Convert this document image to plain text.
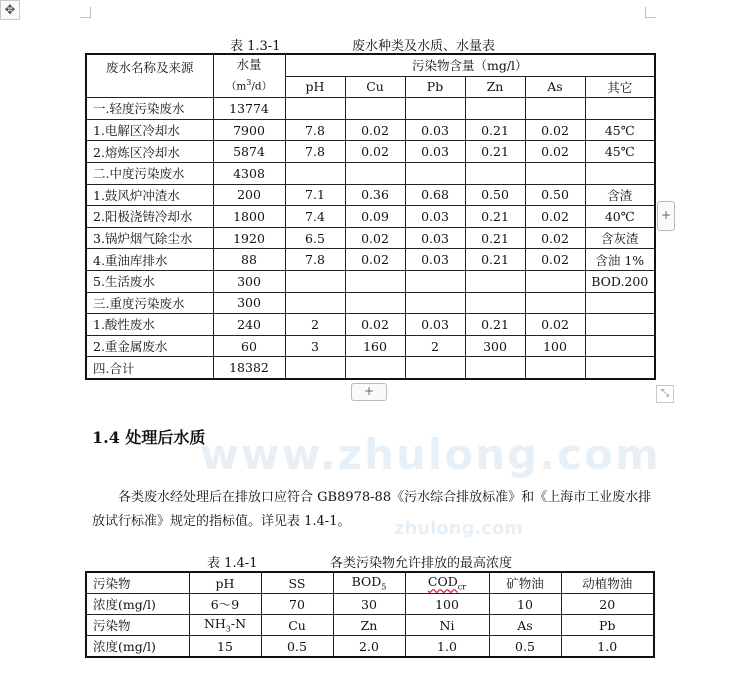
✥
表 1.3-1	废水种类及水质、水量表
废水名称及来源	水量
$(m^3/d)$	污染物含量（mg/l）					
		pH	Cu	Pb	Zn	As	其它
一.轻度污染废水	13774						
1.电解区冷却水	7900	7.8	0.02	0.03	0.21	0.02	45℃
2.熔炼区冷却水	5874	7.8	0.02	0.03	0.21	0.02	45℃
二.中度污染废水	4308						
1.鼓风炉冲渣水	200	7.1	0.36	0.68	0.50	0.50	含渣
2.阳极浇铸冷却水	1800	7.4	0.09	0.03	0.21	0.02	40℃
3.锅炉烟气除尘水	1920	6.5	0.02	0.03	0.21	0.02	含灰渣
4.重油库排水	88	7.8	0.02	0.03	0.21	0.02	含油 1%
5.生活废水	300						BOD.200
三.重度污染废水	300						
1.酸性废水	240	2	0.02	0.03	0.21	0.02	
2.重金属废水	60	3	160	2	300	100	
四.合计	18382						
+
+
⤡
www.zhulong.com
zhulong.com
1.4 处理后水质
各类废水经处理后在排放口应符合 GB8978-88《污水综合排放标准》和《上海市工业废水排放试行标准》规定的指标值。详见表 1.4-1。
表 1.4-1	各类污染物允许排放的最高浓度
污染物	pH	SS	$BOD_5$	$COD_{cr}$	矿物油	动植物油
浓度(mg/l)	6～9	70	30	100	10	20
污染物	$NH_3-N$	Cu	Zn	Ni	As	Pb
浓度(mg/l)	15	0.5	2.0	1.0	0.5	1.0
